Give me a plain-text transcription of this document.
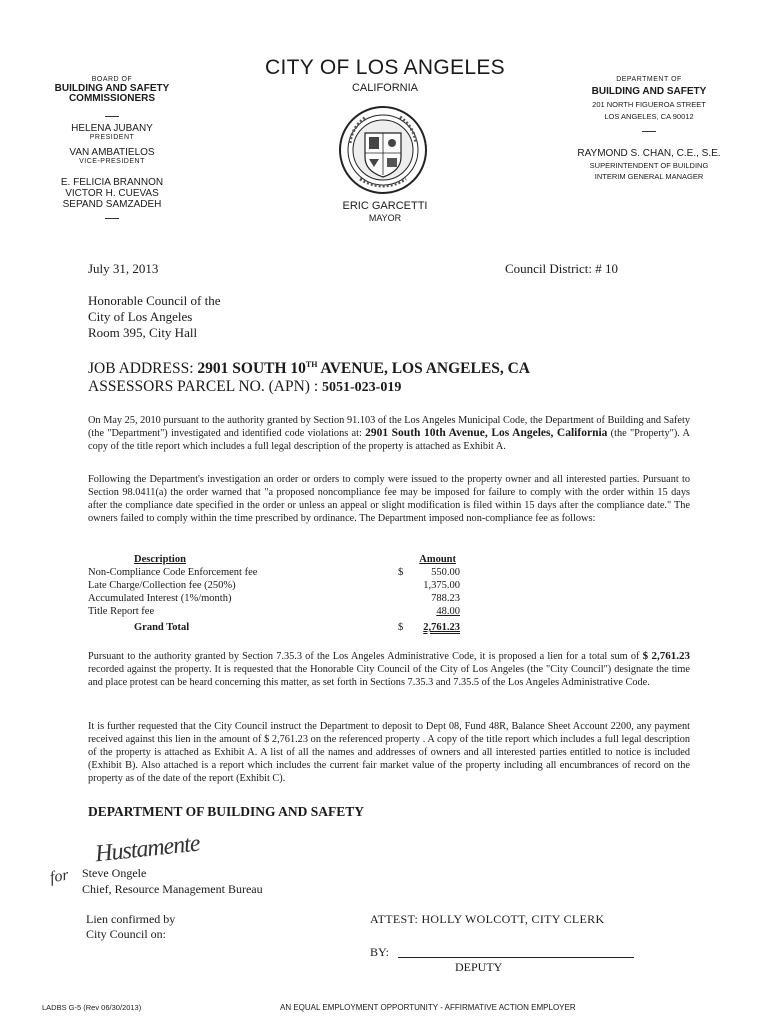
CITY OF LOS ANGELES
CALIFORNIA
ERIC GARCETTI
MAYOR
BOARD OF
BUILDING AND SAFETY
COMMISSIONERS
HELENA JUBANY
PRESIDENT
VAN AMBATIELOS
VICE-PRESIDENT
E. FELICIA BRANNON
VICTOR H. CUEVAS
SEPAND SAMZADEH
DEPARTMENT OF
BUILDING AND SAFETY
201 NORTH FIGUEROA STREET
LOS ANGELES, CA 90012
RAYMOND S. CHAN, C.E., S.E.
SUPERINTENDENT OF BUILDING
INTERIM GENERAL MANAGER
July 31, 2013	Council District: # 10
Honorable Council of the
City of Los Angeles
Room 395, City Hall
JOB ADDRESS: 2901 SOUTH 10TH AVENUE, LOS ANGELES, CA
ASSESSORS PARCEL NO. (APN) : 5051-023-019
On May 25, 2010 pursuant to the authority granted by Section 91.103 of the Los Angeles Municipal Code, the Department of Building and Safety (the "Department") investigated and identified code violations at: 2901 South 10th Avenue, Los Angeles, California (the "Property"). A copy of the title report which includes a full legal description of the property is attached as Exhibit A.
Following the Department's investigation an order or orders to comply were issued to the property owner and all interested parties. Pursuant to Section 98.0411(a) the order warned that "a proposed noncompliance fee may be imposed for failure to comply with the order within 15 days after the compliance date specified in the order or unless an appeal or slight modification is filed within 15 days after the compliance date." The owners failed to comply within the time prescribed by ordinance. The Department imposed non-compliance fee as follows:
Description	Amount
Non-Compliance Code Enforcement fee	$	550.00
Late Charge/Collection fee (250%)	1,375.00
Accumulated Interest (1%/month)	788.23
Title Report fee	48.00
Grand Total	$ 2,761.23
Pursuant to the authority granted by Section 7.35.3 of the Los Angeles Administrative Code, it is proposed a lien for a total sum of $ 2,761.23 recorded against the property. It is requested that the Honorable City Council of the City of Los Angeles (the "City Council") designate the time and place protest can be heard concerning this matter, as set forth in Sections 7.35.3 and 7.35.5 of the Los Angeles Administrative Code.
It is further requested that the City Council instruct the Department to deposit to Dept 08, Fund 48R, Balance Sheet Account 2200, any payment received against this lien in the amount of $ 2,761.23 on the referenced property . A copy of the title report which includes a full legal description of the property is attached as Exhibit A. A list of all the names and addresses of owners and all interested parties entitled to notice is included (Exhibit B). Also attached is a report which includes the current fair market value of the property including all encumbrances of record on the property as of the date of the report (Exhibit C).
DEPARTMENT OF BUILDING AND SAFETY
Hustamente
for Steve Ongele
Chief, Resource Management Bureau
Lien confirmed by
City Council on:
ATTEST: HOLLY WOLCOTT, CITY CLERK
BY:
DEPUTY
LADBS G-5 (Rev 06/30/2013)	AN EQUAL EMPLOYMENT OPPORTUNITY - AFFIRMATIVE ACTION EMPLOYER
